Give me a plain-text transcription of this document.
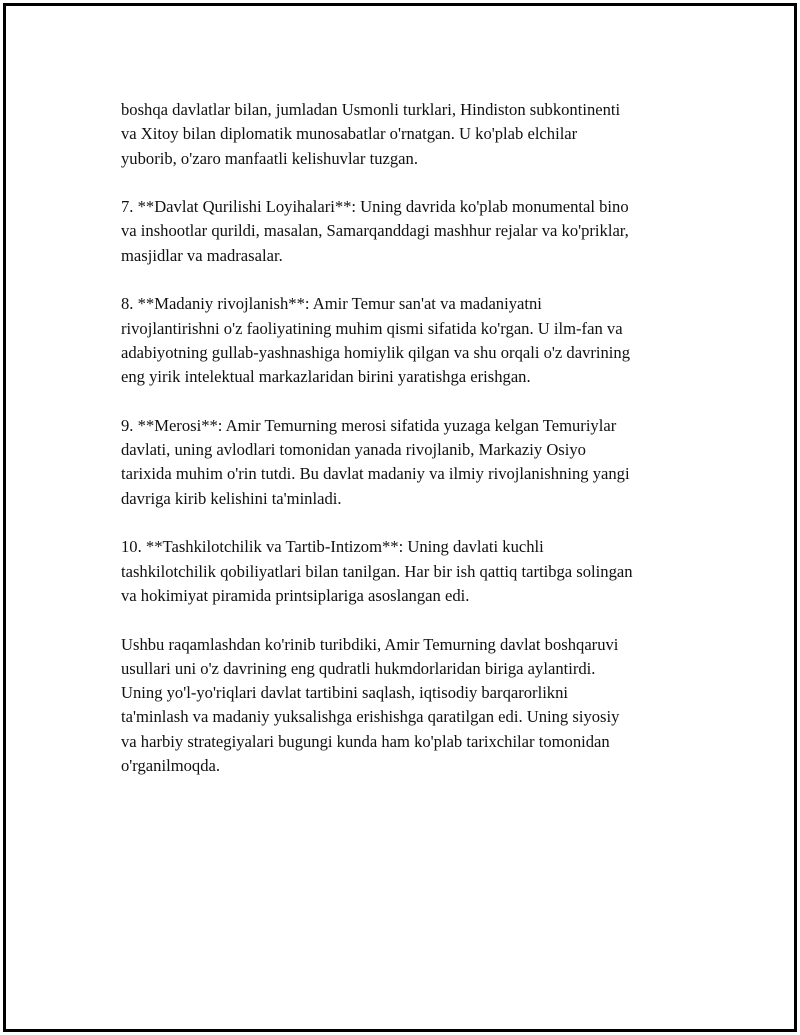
boshqa davlatlar bilan, jumladan Usmonli turklari, Hindiston subkontinenti
va Xitoy bilan diplomatik munosabatlar o'rnatgan. U ko'plab elchilar
yuborib, o'zaro manfaatli kelishuvlar tuzgan.

7. **Davlat Qurilishi Loyihalari**: Uning davrida ko'plab monumental bino
va inshootlar qurildi, masalan, Samarqanddagi mashhur rejalar va ko'priklar,
masjidlar va madrasalar.

8. **Madaniy rivojlanish**: Amir Temur san'at va madaniyatni
rivojlantirishni o'z faoliyatining muhim qismi sifatida ko'rgan. U ilm-fan va
adabiyotning gullab-yashnashiga homiylik qilgan va shu orqali o'z davrining
eng yirik intelektual markazlaridan birini yaratishga erishgan.

9. **Merosi**: Amir Temurning merosi sifatida yuzaga kelgan Temuriylar
davlati, uning avlodlari tomonidan yanada rivojlanib, Markaziy Osiyo
tarixida muhim o'rin tutdi. Bu davlat madaniy va ilmiy rivojlanishning yangi
davriga kirib kelishini ta'minladi.

10. **Tashkilotchilik va Tartib-Intizom**: Uning davlati kuchli
tashkilotchilik qobiliyatlari bilan tanilgan. Har bir ish qattiq tartibga solingan
va hokimiyat piramida printsiplariga asoslangan edi.

Ushbu raqamlashdan ko'rinib turibdiki, Amir Temurning davlat boshqaruvi
usullari uni o'z davrining eng qudratli hukmdorlaridan biriga aylantirdi.
Uning yo'l-yo'riqlari davlat tartibini saqlash, iqtisodiy barqarorlikni
ta'minlash va madaniy yuksalishga erishishga qaratilgan edi. Uning siyosiy
va harbiy strategiyalari bugungi kunda ham ko'plab tarixchilar tomonidan
o'rganilmoqda.
